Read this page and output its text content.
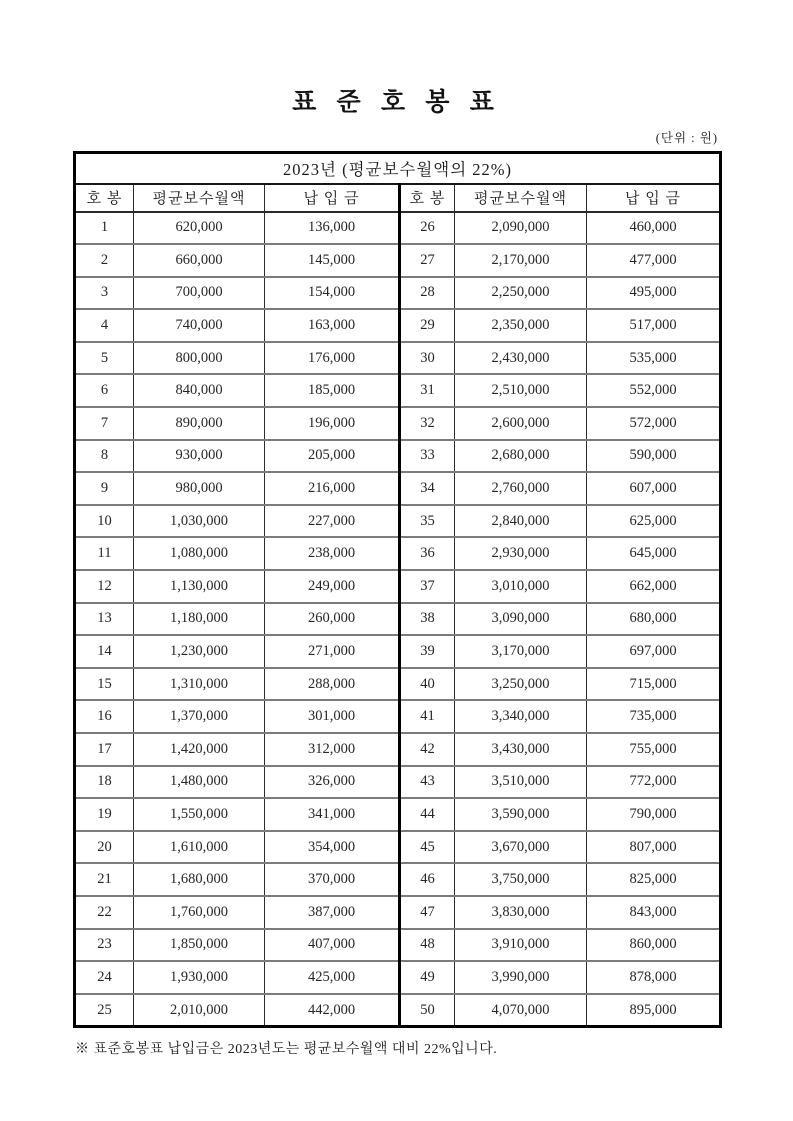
표 준 호 봉 표
(단위 : 원)
2023년 (평균보수월액의 22%)					
호 봉	평균보수월액	납 입 금	호 봉	평균보수월액	납 입 금
1	620,000	136,000	26	2,090,000	460,000
2	660,000	145,000	27	2,170,000	477,000
3	700,000	154,000	28	2,250,000	495,000
4	740,000	163,000	29	2,350,000	517,000
5	800,000	176,000	30	2,430,000	535,000
6	840,000	185,000	31	2,510,000	552,000
7	890,000	196,000	32	2,600,000	572,000
8	930,000	205,000	33	2,680,000	590,000
9	980,000	216,000	34	2,760,000	607,000
10	1,030,000	227,000	35	2,840,000	625,000
11	1,080,000	238,000	36	2,930,000	645,000
12	1,130,000	249,000	37	3,010,000	662,000
13	1,180,000	260,000	38	3,090,000	680,000
14	1,230,000	271,000	39	3,170,000	697,000
15	1,310,000	288,000	40	3,250,000	715,000
16	1,370,000	301,000	41	3,340,000	735,000
17	1,420,000	312,000	42	3,430,000	755,000
18	1,480,000	326,000	43	3,510,000	772,000
19	1,550,000	341,000	44	3,590,000	790,000
20	1,610,000	354,000	45	3,670,000	807,000
21	1,680,000	370,000	46	3,750,000	825,000
22	1,760,000	387,000	47	3,830,000	843,000
23	1,850,000	407,000	48	3,910,000	860,000
24	1,930,000	425,000	49	3,990,000	878,000
25	2,010,000	442,000	50	4,070,000	895,000
※ 표준호봉표 납입금은 2023년도는 평균보수월액 대비 22%입니다.
